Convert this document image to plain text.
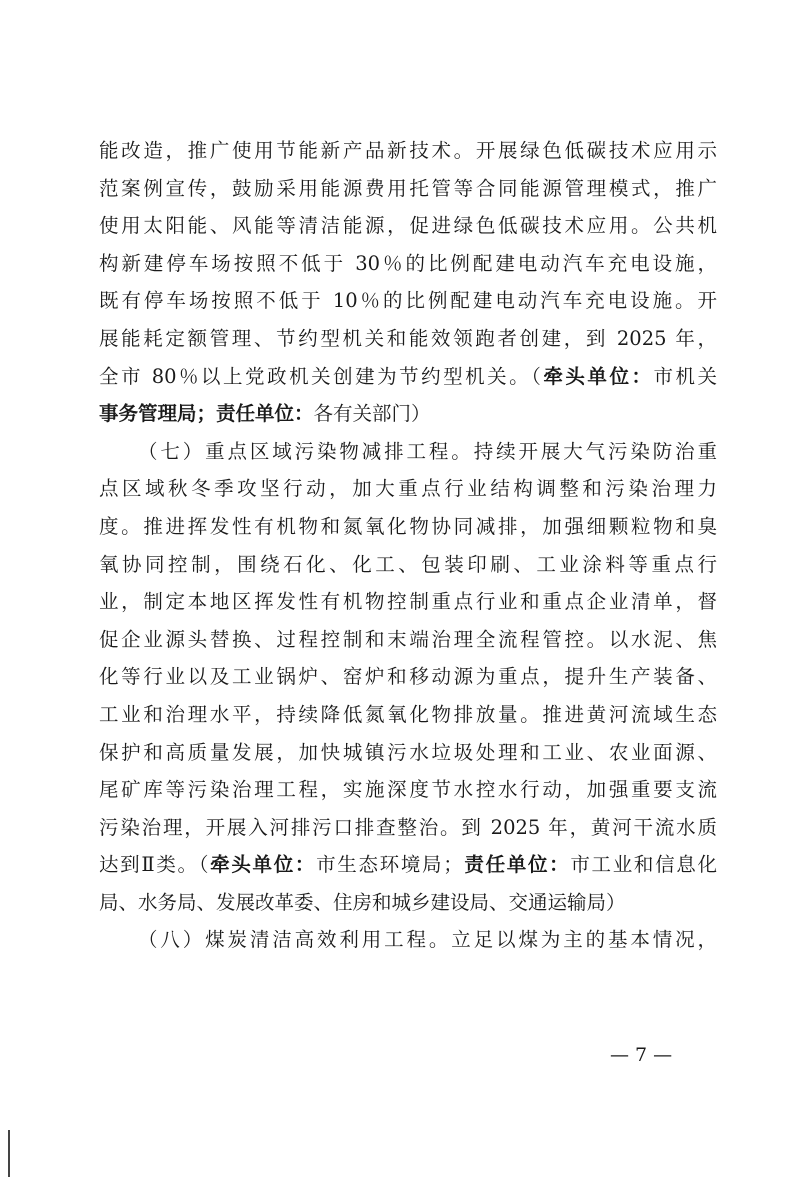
能改造，推广使用节能新产品新技术。开展绿色低碳技术应用示
范案例宣传，鼓励采用能源费用托管等合同能源管理模式，推广
使用太阳能、风能等清洁能源，促进绿色低碳技术应用。公共机
构新建停车场按照不低于 30％的比例配建电动汽车充电设施，
既有停车场按照不低于 10％的比例配建电动汽车充电设施。开
展能耗定额管理、节约型机关和能效领跑者创建，到 2025 年，
全市 80％以上党政机关创建为节约型机关。（牵头单位：市机关
事务管理局；责任单位：各有关部门）
（七）重点区域污染物减排工程。持续开展大气污染防治重
点区域秋冬季攻坚行动，加大重点行业结构调整和污染治理力
度。推进挥发性有机物和氮氧化物协同减排，加强细颗粒物和臭
氧协同控制，围绕石化、化工、包装印刷、工业涂料等重点行
业，制定本地区挥发性有机物控制重点行业和重点企业清单，督
促企业源头替换、过程控制和末端治理全流程管控。以水泥、焦
化等行业以及工业锅炉、窑炉和移动源为重点，提升生产装备、
工业和治理水平，持续降低氮氧化物排放量。推进黄河流域生态
保护和高质量发展，加快城镇污水垃圾处理和工业、农业面源、
尾矿库等污染治理工程，实施深度节水控水行动，加强重要支流
污染治理，开展入河排污口排查整治。到 2025 年，黄河干流水质
达到Ⅱ类。（牵头单位：市生态环境局；责任单位：市工业和信息化
局、水务局、发展改革委、住房和城乡建设局、交通运输局）
（八）煤炭清洁高效利用工程。立足以煤为主的基本情况，
— 7 —
